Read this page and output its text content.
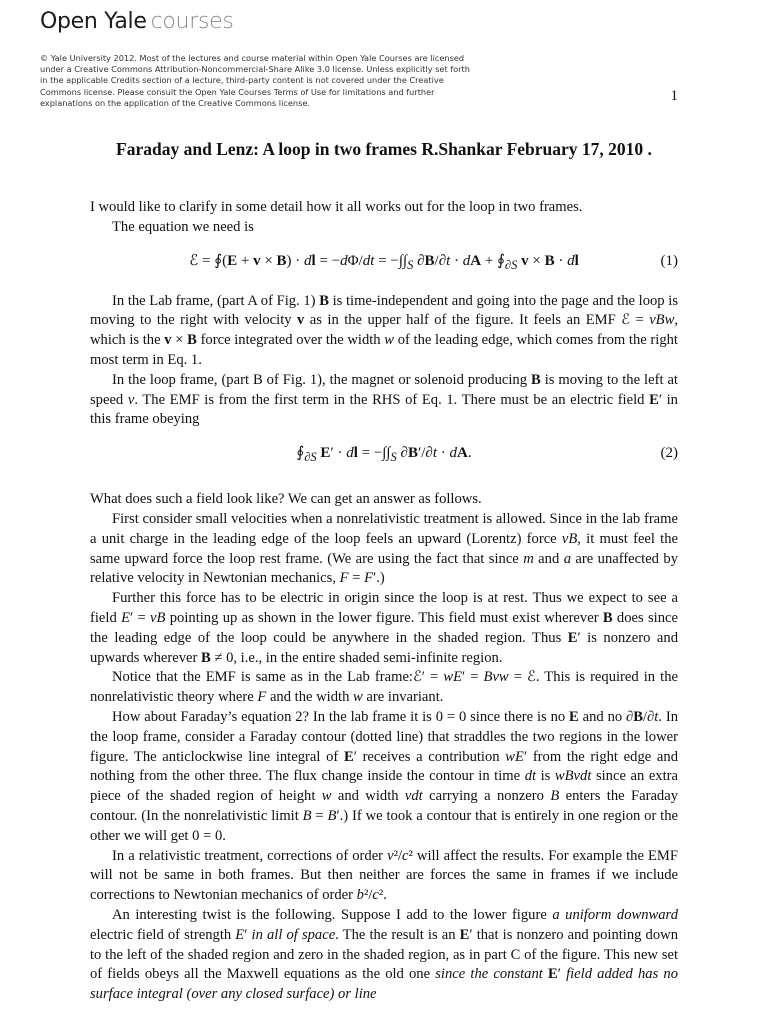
Open Yale courses
© Yale University 2012. Most of the lectures and course material within Open Yale Courses are licensed under a Creative Commons Attribution-Noncommercial-Share Alike 3.0 license. Unless explicitly set forth in the applicable Credits section of a lecture, third-party content is not covered under the Creative Commons license. Please consult the Open Yale Courses Terms of Use for limitations and further explanations on the application of the Creative Commons license.	1
Faraday and Lenz: A loop in two frames R.Shankar February 17, 2010 .

I would like to clarify in some detail how it all works out for the loop in two frames.

The equation we need is

ℰ = ∮(E + v × B) · dl = $-d\Phi/dt = -\int\int_S$ ∂B/∂t · dA + $∮_{\partial S}$ v × B · dl	(1)

In the Lab frame, (part A of Fig. 1) B is time-independent and going into the page and the loop is moving to the right with velocity v as in the upper half of the figure. It feels an EMF ℰ = vBw, which is the v × B force integrated over the width w of the leading edge, which comes from the right most term in Eq. 1.

In the loop frame, (part B of Fig. 1), the magnet or solenoid producing B is moving to the left at speed v. The EMF is from the first term in the RHS of Eq. 1. There must be an electric field E′ in this frame obeying

$∮_{\partial S}$ E′ · dl = $-\int\int_S$ ∂B′/∂t · dA.	(2)

What does such a field look like? We can get an answer as follows.

First consider small velocities when a nonrelativistic treatment is allowed. Since in the lab frame a unit charge in the leading edge of the loop feels an upward (Lorentz) force vB, it must feel the same upward force the loop rest frame. (We are using the fact that since m and a are unaffected by relative velocity in Newtonian mechanics, F = F′.)

Further this force has to be electric in origin since the loop is at rest. Thus we expect to see a field E′ = vB pointing up as shown in the lower figure. This field must exist wherever B does since the leading edge of the loop could be anywhere in the shaded region. Thus E′ is nonzero and upwards wherever B ≠ 0, i.e., in the entire shaded semi-infinite region.

Notice that the EMF is same as in the Lab frame:ℰ′ = wE′ = Bvw = ℰ. This is required in the nonrelativistic theory where F and the width w are invariant.

How about Faraday’s equation 2? In the lab frame it is 0 = 0 since there is no E and no ∂B/∂t. In the loop frame, consider a Faraday contour (dotted line) that straddles the two regions in the lower figure. The anticlockwise line integral of E′ receives a contribution wE′ from the right edge and nothing from the other three. The flux change inside the contour in time dt is wBvdt since an extra piece of the shaded region of height w and width vdt carrying a nonzero B enters the Faraday contour. (In the nonrelativistic limit B = B′.) If we took a contour that is entirely in one region or the other we will get 0 = 0.

In a relativistic treatment, corrections of order v²/c² will affect the results. For example the EMF will not be same in both frames. But then neither are forces the same in frames if we include corrections to Newtonian mechanics of order b²/c².

An interesting twist is the following. Suppose I add to the lower figure a uniform downward electric field of strength E′ in all of space. The the result is an E′ that is nonzero and pointing down to the left of the shaded region and zero in the shaded region, as in part C of the figure. This new set of fields obeys all the Maxwell equations as the old one since the constant E′ field added has no surface integral (over any closed surface) or line
